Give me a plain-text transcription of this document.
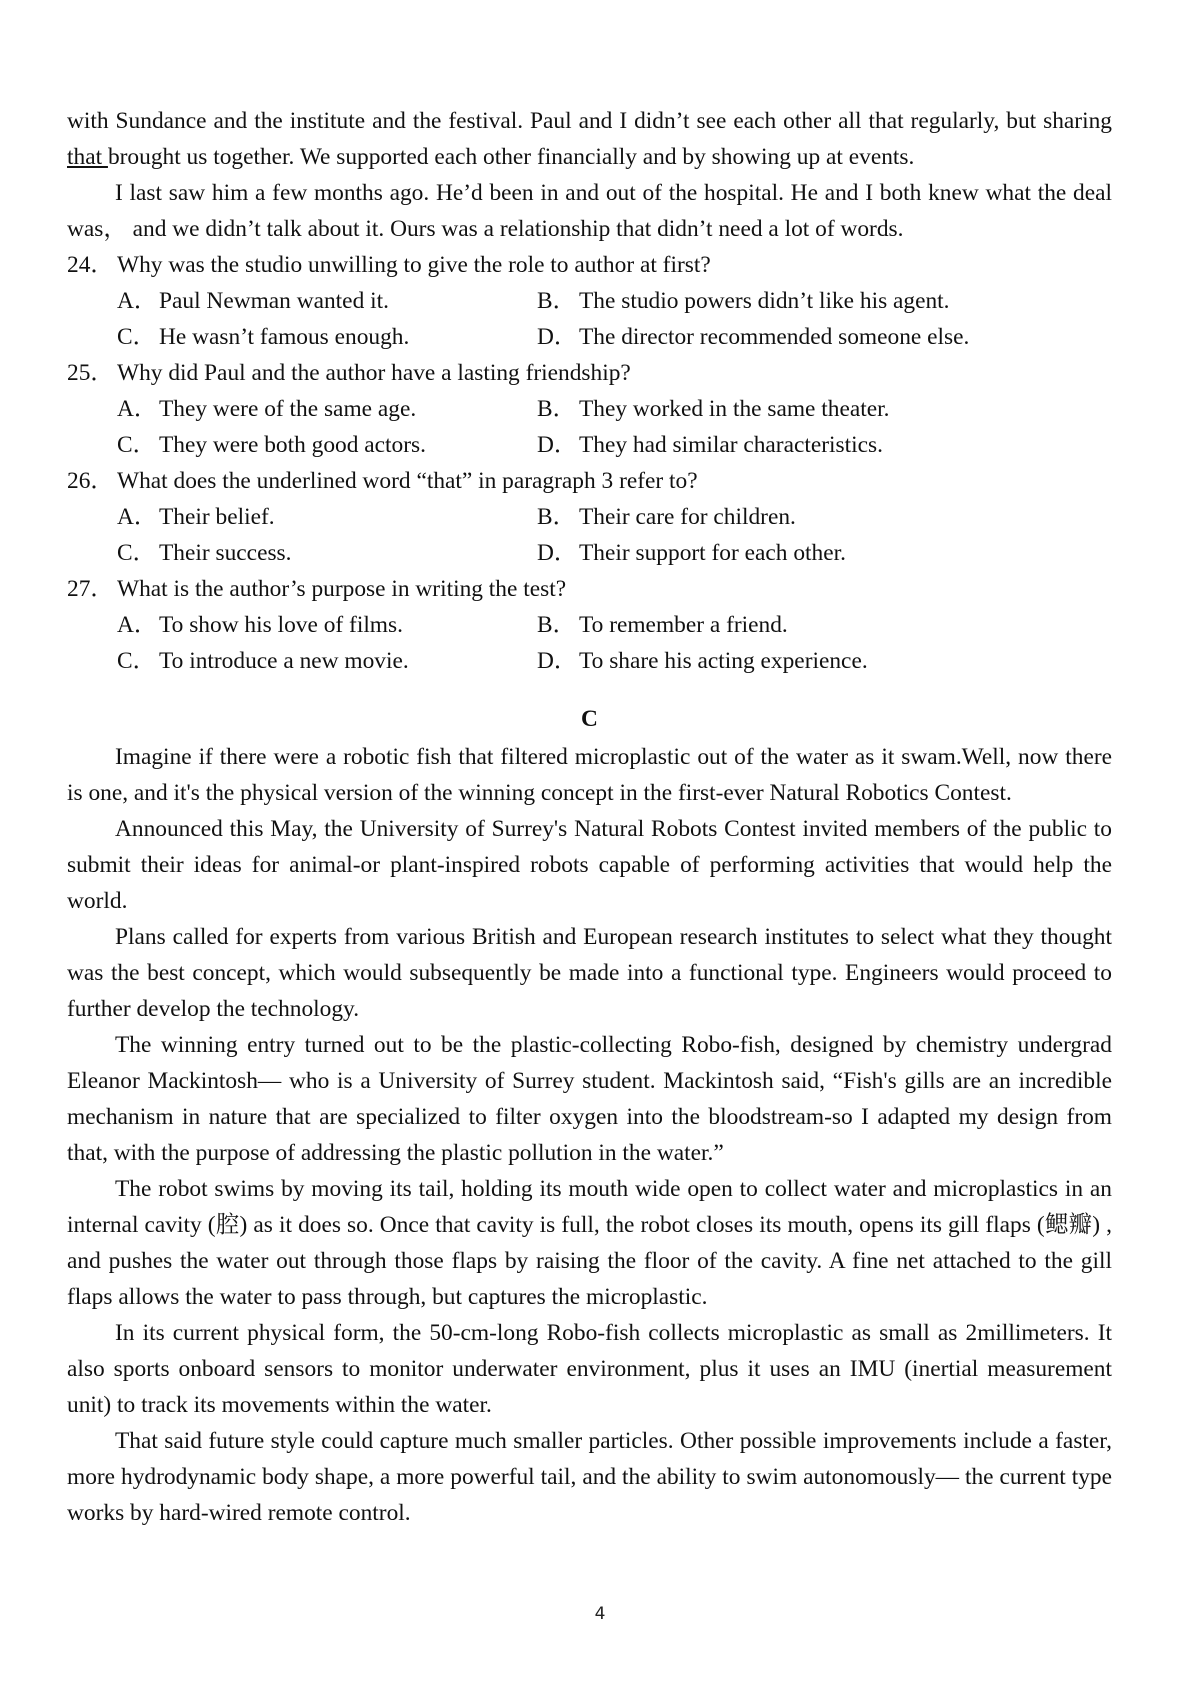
with Sundance and the institute and the festival. Paul and I didn’t see each other all that regularly, but sharing that brought us together. We supported each other financially and by showing up at events.

I last saw him a few months ago. He’d been in and out of the hospital. He and I both knew what the deal was， and we didn’t talk about it. Ours was a relationship that didn’t need a lot of words.

24． Why was the studio unwilling to give the role to author at first?
A．Paul Newman wanted it.	B． The studio powers didn’t like his agent.
C． He wasn’t famous enough.	D．The director recommended someone else.
25． Why did Paul and the author have a lasting friendship?
A．They were of the same age.	B． They worked in the same theater.
C． They were both good actors.	D．They had similar characteristics.
26． What does the underlined word “that” in paragraph 3 refer to?
A．Their belief.	B． Their care for children.
C． Their success.	D．Their support for each other.
27． What is the author’s purpose in writing the test?
A．To show his love of films.	B． To remember a friend.
C． To introduce a new movie.	D．To share his acting experience.
C

Imagine if there were a robotic fish that filtered microplastic out of the water as it swam.Well, now there is one, and it's the physical version of the winning concept in the first-ever Natural Robotics Contest.

Announced this May, the University of Surrey's Natural Robots Contest invited members of the public to submit their ideas for animal-or plant-inspired robots capable of performing activities that would help the world.

Plans called for experts from various British and European research institutes to select what they thought was the best concept, which would subsequently be made into a functional type. Engineers would proceed to further develop the technology.

The winning entry turned out to be the plastic-collecting Robo-fish, designed by chemistry undergrad Eleanor Mackintosh— who is a University of Surrey student. Mackintosh said, “Fish's gills are an incredible mechanism in nature that are specialized to filter oxygen into the bloodstream-so I adapted my design from that, with the purpose of addressing the plastic pollution in the water.”

The robot swims by moving its tail, holding its mouth wide open to collect water and microplastics in an internal cavity (腔) as it does so. Once that cavity is full, the robot closes its mouth, opens its gill flaps (鳃瓣) , and pushes the water out through those flaps by raising the floor of the cavity. A fine net attached to the gill flaps allows the water to pass through, but captures the microplastic.

In its current physical form, the 50-cm-long Robo-fish collects microplastic as small as 2millimeters. It also sports onboard sensors to monitor underwater environment, plus it uses an IMU (inertial measurement unit) to track its movements within the water.

That said future style could capture much smaller particles. Other possible improvements include a faster, more hydrodynamic body shape, a more powerful tail, and the ability to swim autonomously— the current type works by hard-wired remote control.

4
